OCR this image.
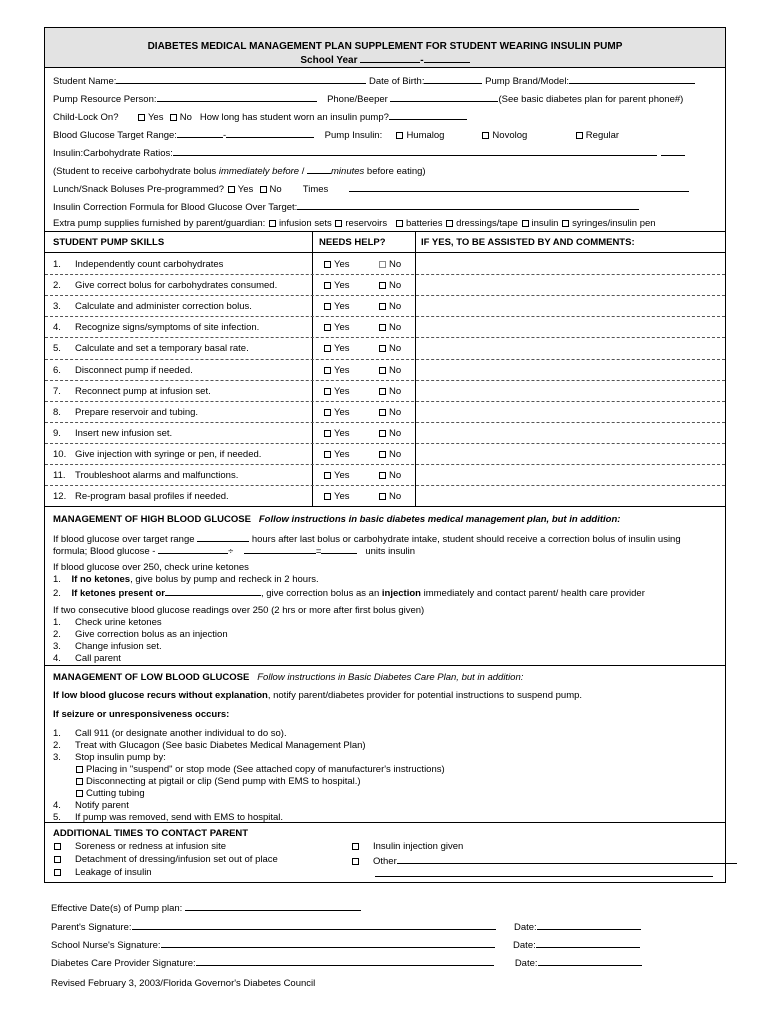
DIABETES MEDICAL MANAGEMENT PLAN SUPPLEMENT FOR STUDENT WEARING INSULIN PUMP
School Year	-
Student Name:	Date of Birth:	Pump Brand/Model:
Pump Resource Person:	Phone/Beeper	(See basic diabetes plan for parent phone#)
Child-Lock On?	Yes No How long has student worn an insulin pump?
Blood Glucose Target Range:	-	Pump Insulin:	Humalog	Novolog	Regular
Insulin:Carbohydrate Ratios:
(Student to receive carbohydrate bolus immediately before /	minutes before eating)
Lunch/Snack Boluses Pre-programmed? Yes No Times
Insulin Correction Formula for Blood Glucose Over Target:
Extra pump supplies furnished by parent/guardian: infusion sets reservoirs batteries dressings/tape insulin syringes/insulin pen
STUDENT PUMP SKILLS	NEEDS HELP?	IF YES, TO BE ASSISTED BY AND COMMENTS:
1. Independently count carbohydrates	Yes	No
2. Give correct bolus for carbohydrates consumed.	Yes	No
3. Calculate and administer correction bolus.	Yes	No
4. Recognize signs/symptoms of site infection.	Yes	No
5. Calculate and set a temporary basal rate.	Yes	No
6. Disconnect pump if needed.	Yes	No
7. Reconnect pump at infusion set.	Yes	No
8. Prepare reservoir and tubing.	Yes	No
9. Insert new infusion set.	Yes	No
10. Give injection with syringe or pen, if needed.	Yes	No
11. Troubleshoot alarms and malfunctions.	Yes	No
12. Re-program basal profiles if needed.	Yes	No
MANAGEMENT OF HIGH BLOOD GLUCOSE Follow instructions in basic diabetes medical management plan, but in addition:
If blood glucose over target range	hours after last bolus or carbohydrate intake, student should receive a correction bolus of insulin using
formula; Blood glucose -	÷	=	units insulin
If blood glucose over 250, check urine ketones
1. If no ketones, give bolus by pump and recheck in 2 hours.
2. If ketones present or	, give correction bolus as an injection immediately and contact parent/ health care provider
If two consecutive blood glucose readings over 250 (2 hrs or more after first bolus given)
1. Check urine ketones
2. Give correction bolus as an injection
3. Change infusion set.
4. Call parent
MANAGEMENT OF LOW BLOOD GLUCOSE Follow instructions in Basic Diabetes Care Plan, but in addition:
If low blood glucose recurs without explanation, notify parent/diabetes provider for potential instructions to suspend pump.
If seizure or unresponsiveness occurs:
1. Call 911 (or designate another individual to do so).
2. Treat with Glucagon (See basic Diabetes Medical Management Plan)
3. Stop insulin pump by:
Placing in "suspend" or stop mode (See attached copy of manufacturer's instructions)
Disconnecting at pigtail or clip (Send pump with EMS to hospital.)
Cutting tubing
4. Notify parent
5. If pump was removed, send with EMS to hospital.
ADDITIONAL TIMES TO CONTACT PARENT
Soreness or redness at infusion site
Detachment of dressing/infusion set out of place
Leakage of insulin
Insulin injection given
Other
Effective Date(s) of Pump plan:
Parent's Signature:	Date:
School Nurse's Signature:	Date:
Diabetes Care Provider Signature:	Date:
Revised February 3, 2003/Florida Governor's Diabetes Council
